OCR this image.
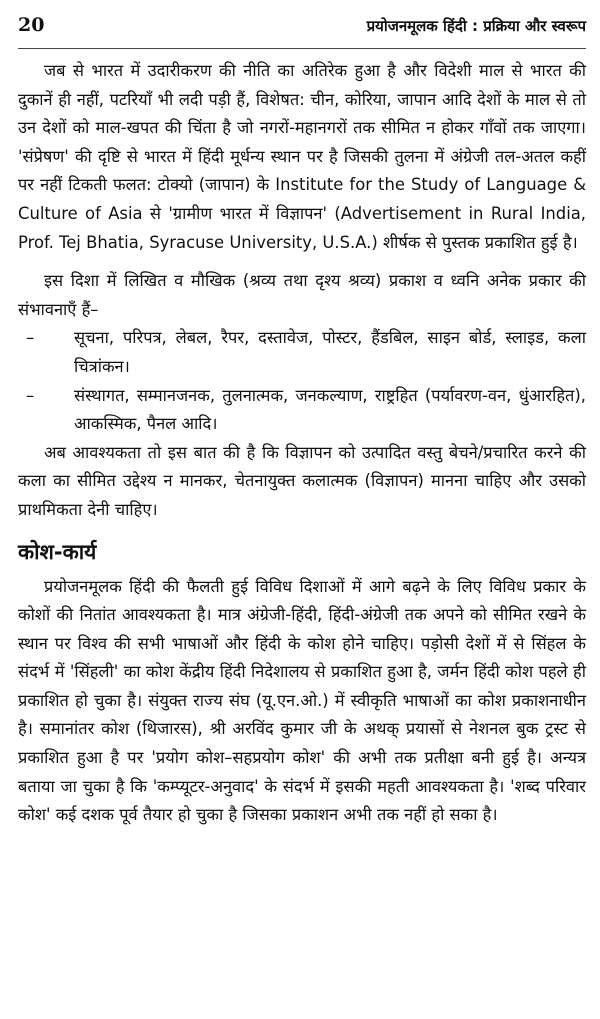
20	प्रयोजनमूलक हिंदी : प्रक्रिया और स्वरूप

जब से भारत में उदारीकरण की नीति का अतिरेक हुआ है और विदेशी माल से भारत की दुकानें ही नहीं, पटरियाँ भी लदी पड़ी हैं, विशेषत: चीन, कोरिया, जापान आदि देशों के माल से तो उन देशों को माल-खपत की चिंता है जो नगरों-महानगरों तक सीमित न होकर गाँवों तक जाएगा। 'संप्रेषण' की दृष्टि से भारत में हिंदी मूर्धन्य स्थान पर है जिसकी तुलना में अंग्रेजी तल-अतल कहीं पर नहीं टिकती फलत: टोक्यो (जापान) के Institute for the Study of Language & Culture of Asia से 'ग्रामीण भारत में विज्ञापन' (Advertisement in Rural India, Prof. Tej Bhatia, Syracuse University, U.S.A.) शीर्षक से पुस्तक प्रकाशित हुई है।

इस दिशा में लिखित व मौखिक (श्रव्य तथा दृश्य श्रव्य) प्रकाश व ध्वनि अनेक प्रकार की संभावनाएँ हैं–

–	सूचना, परिपत्र, लेबल, रैपर, दस्तावेज, पोस्टर, हैंडबिल, साइन बोर्ड, स्लाइड, कला चित्रांकन।
–	संस्थागत, सम्मानजनक, तुलनात्मक, जनकल्याण, राष्ट्रहित (पर्यावरण-वन, धुंआरहित), आकस्मिक, पैनल आदि।

अब आवश्यकता तो इस बात की है कि विज्ञापन को उत्पादित वस्तु बेचने/प्रचारित करने की कला का सीमित उद्देश्य न मानकर, चेतनायुक्त कलात्मक (विज्ञापन) मानना चाहिए और उसको प्राथमिकता देनी चाहिए।

कोश-कार्य

प्रयोजनमूलक हिंदी की फैलती हुई विविध दिशाओं में आगे बढ़ने के लिए विविध प्रकार के कोशों की नितांत आवश्यकता है। मात्र अंग्रेजी-हिंदी, हिंदी-अंग्रेजी तक अपने को सीमित रखने के स्थान पर विश्व की सभी भाषाओं और हिंदी के कोश होने चाहिए। पड़ोसी देशों में से सिंहल के संदर्भ में 'सिंहली' का कोश केंद्रीय हिंदी निदेशालय से प्रकाशित हुआ है, जर्मन हिंदी कोश पहले ही प्रकाशित हो चुका है। संयुक्त राज्य संघ (यू.एन.ओ.) में स्वीकृति भाषाओं का कोश प्रकाशनाधीन है। समानांतर कोश (थिजारस), श्री अरविंद कुमार जी के अथक् प्रयासों से नेशनल बुक ट्रस्ट से प्रकाशित हुआ है पर 'प्रयोग कोश–सहप्रयोग कोश' की अभी तक प्रतीक्षा बनी हुई है। अन्यत्र बताया जा चुका है कि 'कम्प्यूटर-अनुवाद' के संदर्भ में इसकी महती आवश्यकता है। 'शब्द परिवार कोश' कई दशक पूर्व तैयार हो चुका है जिसका प्रकाशन अभी तक नहीं हो सका है।
